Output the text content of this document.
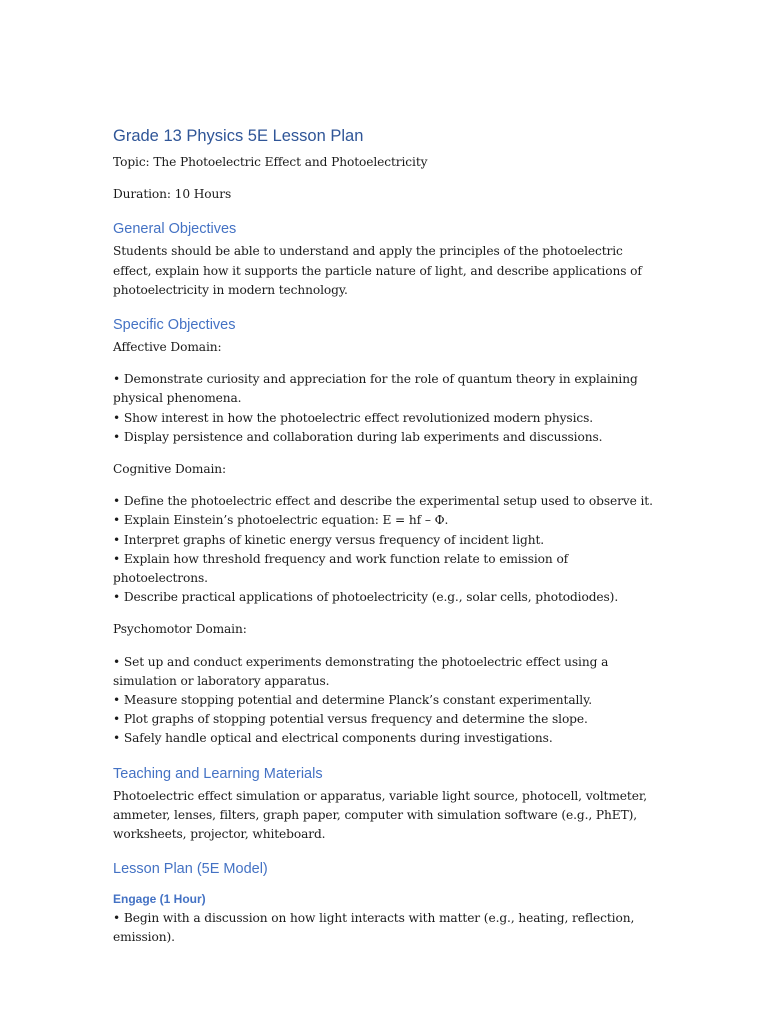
Grade 13 Physics 5E Lesson Plan

Topic: The Photoelectric Effect and Photoelectricity

Duration: 10 Hours

General Objectives

Students should be able to understand and apply the principles of the photoelectric effect, explain how it supports the particle nature of light, and describe applications of photoelectricity in modern technology.

Specific Objectives

Affective Domain:

• Demonstrate curiosity and appreciation for the role of quantum theory in explaining physical phenomena.

• Show interest in how the photoelectric effect revolutionized modern physics.

• Display persistence and collaboration during lab experiments and discussions.

Cognitive Domain:

• Define the photoelectric effect and describe the experimental setup used to observe it.

• Explain Einstein’s photoelectric equation: E = hf – Φ.

• Interpret graphs of kinetic energy versus frequency of incident light.

• Explain how threshold frequency and work function relate to emission of photoelectrons.

• Describe practical applications of photoelectricity (e.g., solar cells, photodiodes).

Psychomotor Domain:

• Set up and conduct experiments demonstrating the photoelectric effect using a simulation or laboratory apparatus.

• Measure stopping potential and determine Planck’s constant experimentally.

• Plot graphs of stopping potential versus frequency and determine the slope.

• Safely handle optical and electrical components during investigations.

Teaching and Learning Materials

Photoelectric effect simulation or apparatus, variable light source, photocell, voltmeter, ammeter, lenses, filters, graph paper, computer with simulation software (e.g., PhET), worksheets, projector, whiteboard.

Lesson Plan (5E Model)
Engage (1 Hour)

• Begin with a discussion on how light interacts with matter (e.g., heating, reflection, emission).
